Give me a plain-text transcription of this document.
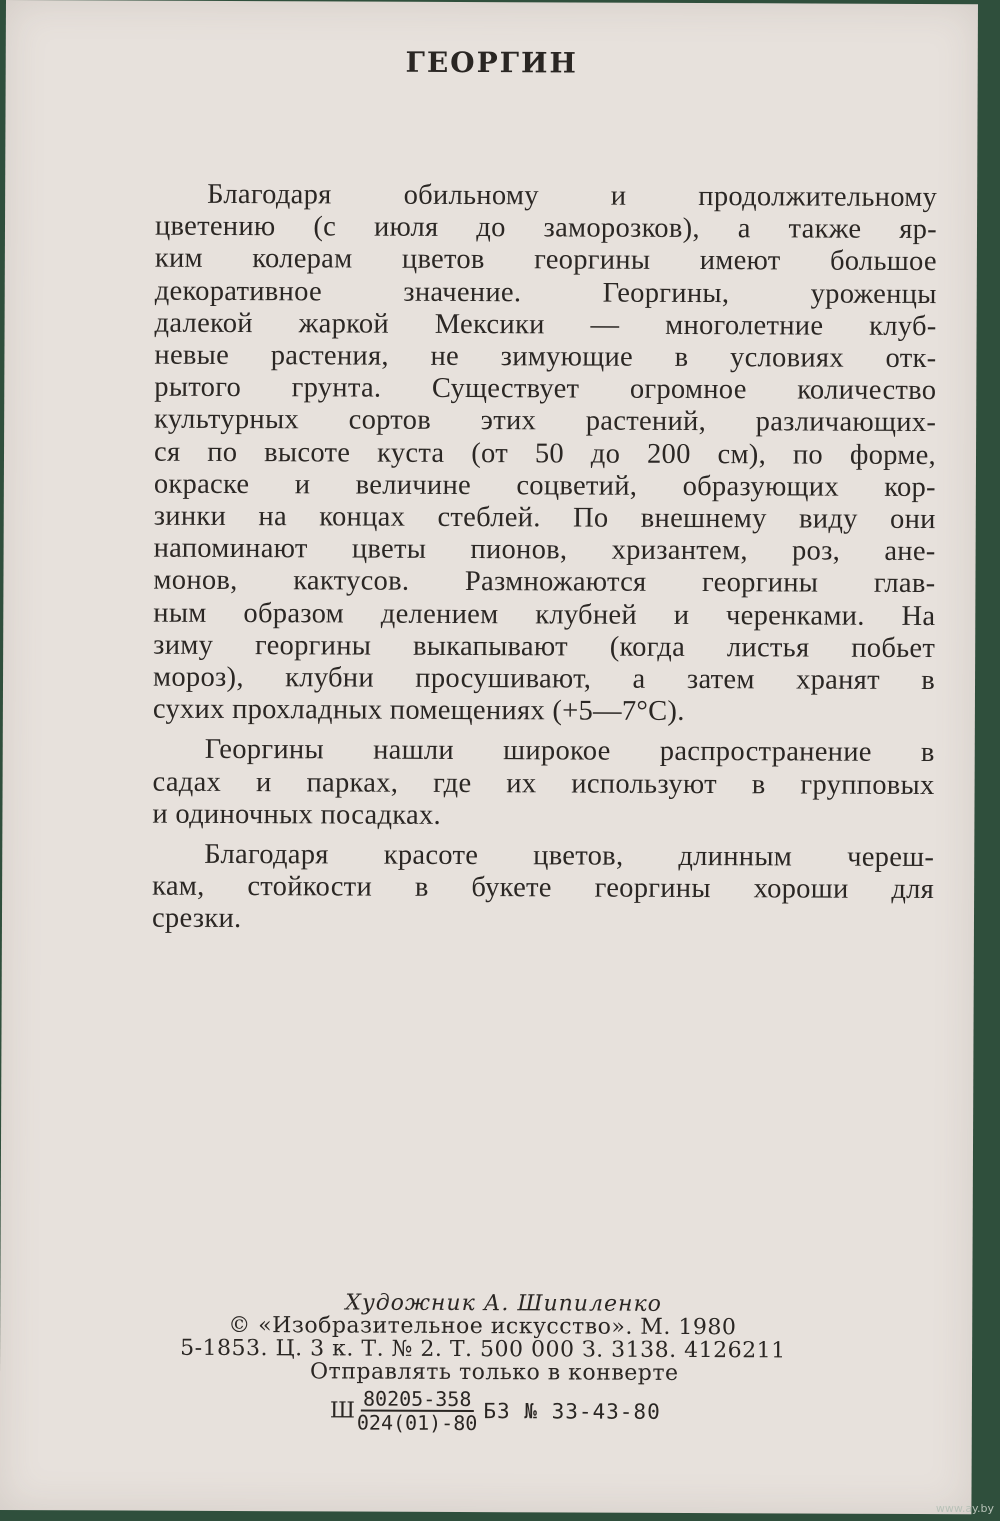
ГЕОРГИН
Благодаря обильному и продолжительному
цветению (с июля до заморозков), а также яр-
ким колерам цветов георгины имеют большое
декоративное значение. Георгины, уроженцы
далекой жаркой Мексики — многолетние клуб-
невые растения, не зимующие в условиях отк-
рытого грунта. Существует огромное количество
культурных сортов этих растений, различающих-
ся по высоте куста (от 50 до 200 см), по форме,
окраске и величине соцветий, образующих кор-
зинки на концах стеблей. По внешнему виду они
напоминают цветы пионов, хризантем, роз, ане-
монов, кактусов. Размножаются георгины глав-
ным образом делением клубней и черенками. На
зиму георгины выкапывают (когда листья побьет
мороз), клубни просушивают, а затем хранят в
сухих прохладных помещениях (+5—7°С).
Георгины нашли широкое распространение в
садах и парках, где их используют в групповых
и одиночных посадках.
Благодаря красоте цветов, длинным череш-
кам, стойкости в букете георгины хороши для
срезки.
Художник А. Шипиленко
© «Изобразительное искусство». М. 1980
5-1853. Ц. 3 к. Т. № 2. Т. 500 000 З. 3138. 4126211
Отправлять только в конверте
Ш $\frac{80205-358}{024(01)-80}$ БЗ № 33-43-80
www.ay.by
